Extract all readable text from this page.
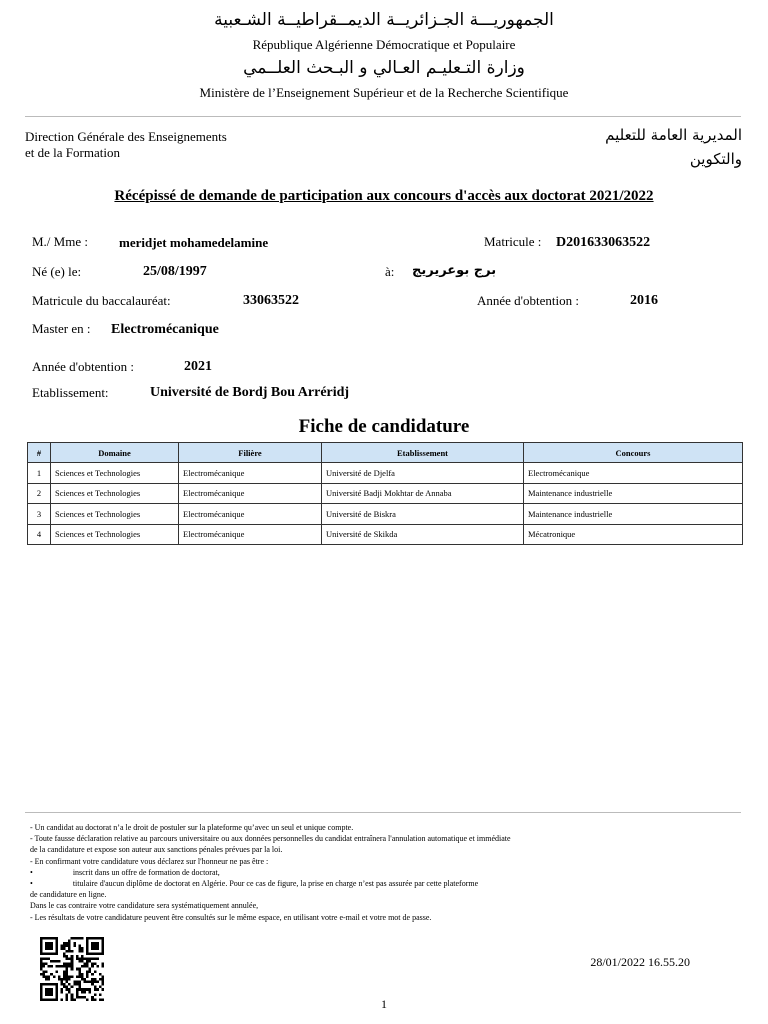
الجمهوريـــة الجـزائريــة الديمــقراطيــة الشـعبية
République Algérienne Démocratique et Populaire
وزارة التـعليـم العـالي و البـحث العلــمي
Ministère de l’Enseignement Supérieur et de la Recherche Scientifique
Direction Générale des Enseignements
et de la Formation
المديرية العامة للتعليم
والتكوين
Récépissé de demande de participation aux concours d'accès aux doctorat 2021/2022
M./ Mme : meridjet mohamedelamine	Matricule : D201633063522
Né (e) le:	25/08/1997	à: برج بوعريريج
Matricule du baccalauréat:	33063522	Année d'obtention :	2016
Master en : Electromécanique
Année d'obtention :	2021
Etablissement:	Université de Bordj Bou Arréridj
Fiche de candidature
#	Domaine	Filière	Etablissement	Concours
1	Sciences et Technologies	Electromécanique	Université de Djelfa	Electromécanique
2	Sciences et Technologies	Electromécanique	Université Badji Mokhtar de Annaba	Maintenance industrielle
3	Sciences et Technologies	Electromécanique	Université de Biskra	Maintenance industrielle
4	Sciences et Technologies	Electromécanique	Université de Skikda	Mécatronique
- Un candidat au doctorat n’a le droit de postuler sur la plateforme qu’avec un seul et unique compte.
- Toute fausse déclaration relative au parcours universitaire ou aux données personnelles du candidat entraînera l'annulation automatique et immédiate
de la candidature et expose son auteur aux sanctions pénales prévues par la loi.
- En confirmant votre candidature vous déclarez sur l'honneur ne pas être :
•	inscrit dans un offre de formation de doctorat,
•	titulaire d'aucun diplôme de doctorat en Algérie. Pour ce cas de figure, la prise en charge n’est pas assurée par cette plateforme
de candidature en ligne.
Dans le cas contraire votre candidature sera systématiquement annulée,
- Les résultats de votre candidature peuvent être consultés sur le même espace, en utilisant votre e-mail et votre mot de passe.
28/01/2022 16.55.20
1
